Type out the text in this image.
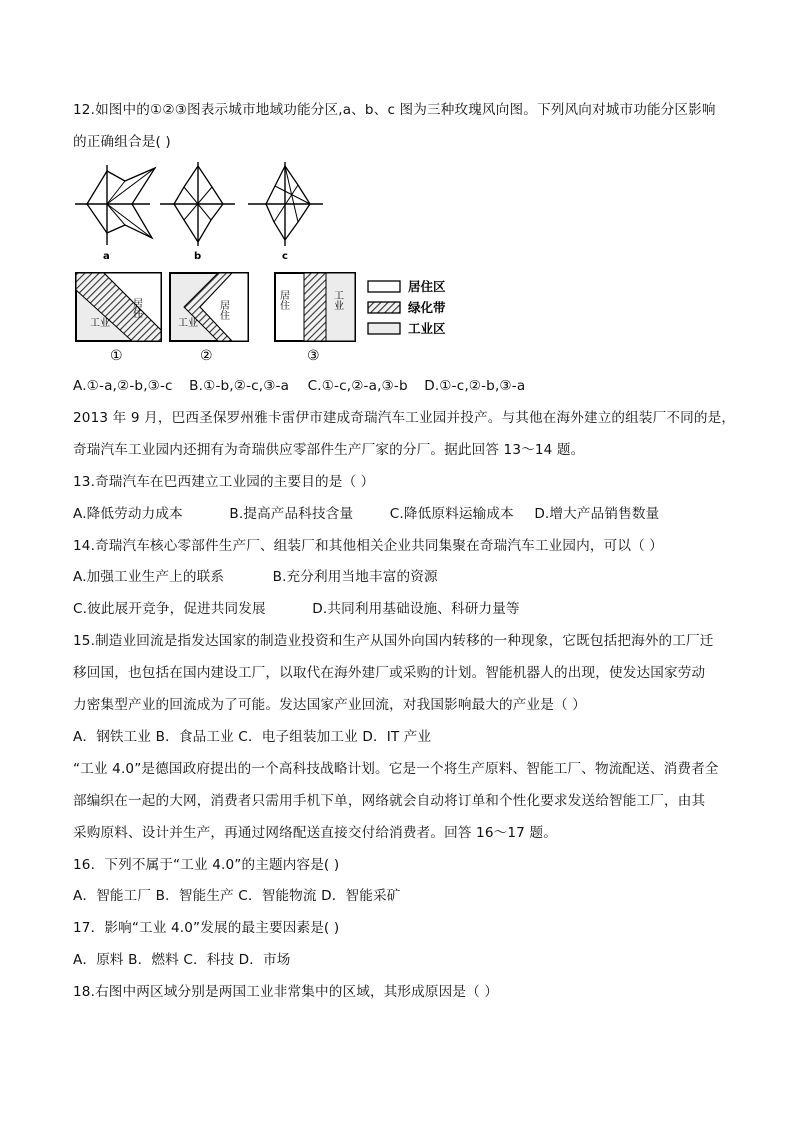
12.如图中的①②③图表示城市地域功能分区,a、b、c 图为三种玫瑰风向图。下列风向对城市功能分区影响
的正确组合是( )
a	b	c
居住
工业
①
居住
工业
②
居住	工业
③
居住区
绿化带
工业区
A.①-a,②-b,③-c B.①-b,②-c,③-a C.①-c,②-a,③-b D.①-c,②-b,③-a
2013 年 9 月，巴西圣保罗州雅卡雷伊市建成奇瑞汽车工业园并投产。与其他在海外建立的组装厂不同的是，
奇瑞汽车工业园内还拥有为奇瑞供应零部件生产厂家的分厂。据此回答 13～14 题。
13.奇瑞汽车在巴西建立工业园的主要目的是（ ）
A.降低劳动力成本	B.提高产品科技含量	C.降低原料运输成本 D.增大产品销售数量
14.奇瑞汽车核心零部件生产厂、组装厂和其他相关企业共同集聚在奇瑞汽车工业园内，可以（ ）
A.加强工业生产上的联系	B.充分利用当地丰富的资源
C.彼此展开竞争，促进共同发展	D.共同利用基础设施、科研力量等
15.制造业回流是指发达国家的制造业投资和生产从国外向国内转移的一种现象，它既包括把海外的工厂迁
移回国，也包括在国内建设工厂，以取代在海外建厂或采购的计划。智能机器人的出现，使发达国家劳动
力密集型产业的回流成为了可能。发达国家产业回流，对我国影响最大的产业是（ ）
A．钢铁工业 B．食品工业 C．电子组装加工业 D．IT 产业
“工业 4.0”是德国政府提出的一个高科技战略计划。它是一个将生产原料、智能工厂、物流配送、消费者全
部编织在一起的大网，消费者只需用手机下单，网络就会自动将订单和个性化要求发送给智能工厂，由其
采购原料、设计并生产，再通过网络配送直接交付给消费者。回答 16～17 题。
16．下列不属于“工业 4.0”的主题内容是( )
A．智能工厂 B．智能生产 C．智能物流 D．智能采矿
17．影响“工业 4.0”发展的最主要因素是( )
A．原料 B．燃料 C．科技 D．市场
18.右图中两区域分别是两国工业非常集中的区域，其形成原因是（ ）
